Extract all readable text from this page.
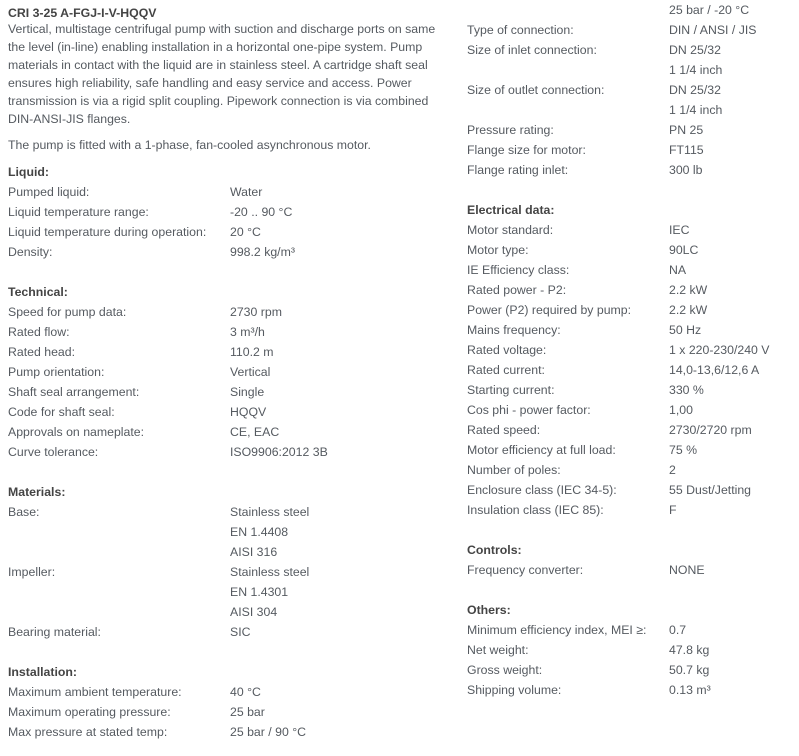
CRI 3-25 A-FGJ-I-V-HQQV
Vertical, multistage centrifugal pump with suction and discharge ports on same the level (in-line) enabling installation in a horizontal one-pipe system. Pump materials in contact with the liquid are in stainless steel. A cartridge shaft seal ensures high reliability, safe handling and easy service and access. Power transmission is via a rigid split coupling. Pipework connection is via combined DIN-ANSI-JIS flanges.
The pump is fitted with a 1-phase, fan-cooled asynchronous motor.
Liquid:
Pumped liquid:	Water
Liquid temperature range:	-20 .. 90 °C
Liquid temperature during operation:	20 °C
Density:	998.2 kg/m³
Technical:
Speed for pump data:	2730 rpm
Rated flow:	3 m³/h
Rated head:	110.2 m
Pump orientation:	Vertical
Shaft seal arrangement:	Single
Code for shaft seal:	HQQV
Approvals on nameplate:	CE, EAC
Curve tolerance:	ISO9906:2012 3B
Materials:
Base:	Stainless steel
EN 1.4408
AISI 316
Impeller:	Stainless steel
EN 1.4301
AISI 304
Bearing material:	SIC
Installation:
Maximum ambient temperature:	40 °C
Maximum operating pressure:	25 bar
Max pressure at stated temp:	25 bar / 90 °C
25 bar / -20 °C
Type of connection:	DIN / ANSI / JIS
Size of inlet connection:	DN 25/32
1 1/4 inch
Size of outlet connection:	DN 25/32
1 1/4 inch
Pressure rating:	PN 25
Flange size for motor:	FT115
Flange rating inlet:	300 lb
Electrical data:
Motor standard:	IEC
Motor type:	90LC
IE Efficiency class:	NA
Rated power - P2:	2.2 kW
Power (P2) required by pump:	2.2 kW
Mains frequency:	50 Hz
Rated voltage:	1 x 220-230/240 V
Rated current:	14,0-13,6/12,6 A
Starting current:	330 %
Cos phi - power factor:	1,00
Rated speed:	2730/2720 rpm
Motor efficiency at full load:	75 %
Number of poles:	2
Enclosure class (IEC 34-5):	55 Dust/Jetting
Insulation class (IEC 85):	F
Controls:
Frequency converter:	NONE
Others:
Minimum efficiency index, MEI ≥:	0.7
Net weight:	47.8 kg
Gross weight:	50.7 kg
Shipping volume:	0.13 m³
